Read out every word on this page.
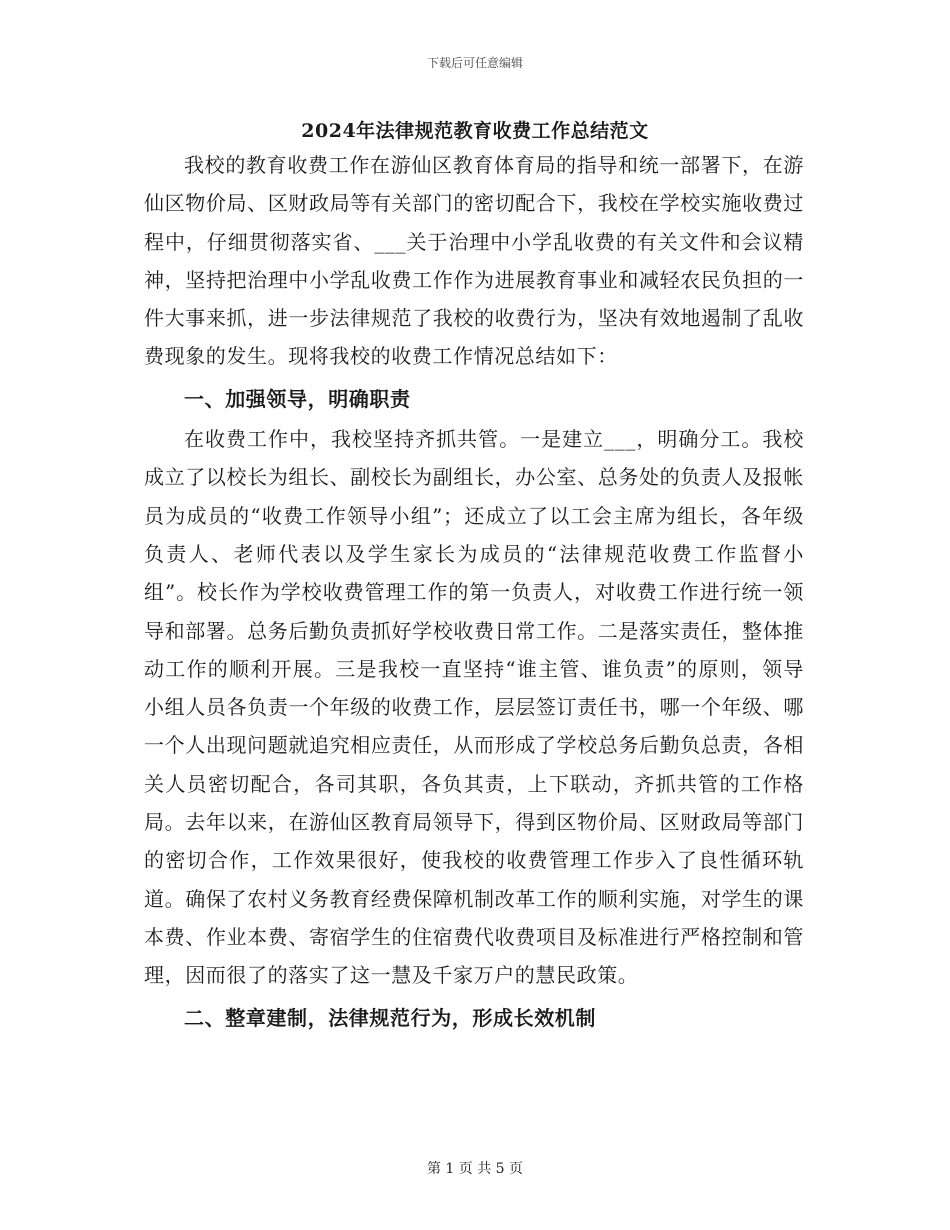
下载后可任意编辑
2024年法律规范教育收费工作总结范文

我校的教育收费工作在游仙区教育体育局的指导和统一部署下，在游仙区物价局、区财政局等有关部门的密切配合下，我校在学校实施收费过程中，仔细贯彻落实省、___关于治理中小学乱收费的有关文件和会议精神，坚持把治理中小学乱收费工作作为进展教育事业和减轻农民负担的一件大事来抓，进一步法律规范了我校的收费行为，坚决有效地遏制了乱收费现象的发生。现将我校的收费工作情况总结如下：

一、加强领导，明确职责

在收费工作中，我校坚持齐抓共管。一是建立___，明确分工。我校成立了以校长为组长、副校长为副组长，办公室、总务处的负责人及报帐员为成员的“收费工作领导小组”；还成立了以工会主席为组长，各年级负责人、老师代表以及学生家长为成员的“法律规范收费工作监督小组”。校长作为学校收费管理工作的第一负责人，对收费工作进行统一领导和部署。总务后勤负责抓好学校收费日常工作。二是落实责任，整体推动工作的顺利开展。三是我校一直坚持“谁主管、谁负责”的原则，领导小组人员各负责一个年级的收费工作，层层签订责任书，哪一个年级、哪一个人出现问题就追究相应责任，从而形成了学校总务后勤负总责，各相关人员密切配合，各司其职，各负其责，上下联动，齐抓共管的工作格局。去年以来，在游仙区教育局领导下，得到区物价局、区财政局等部门的密切合作，工作效果很好，使我校的收费管理工作步入了良性循环轨道。确保了农村义务教育经费保障机制改革工作的顺利实施，对学生的课本费、作业本费、寄宿学生的住宿费代收费项目及标准进行严格控制和管理，因而很了的落实了这一慧及千家万户的慧民政策。

二、整章建制，法律规范行为，形成长效机制

第 1 页 共 5 页
